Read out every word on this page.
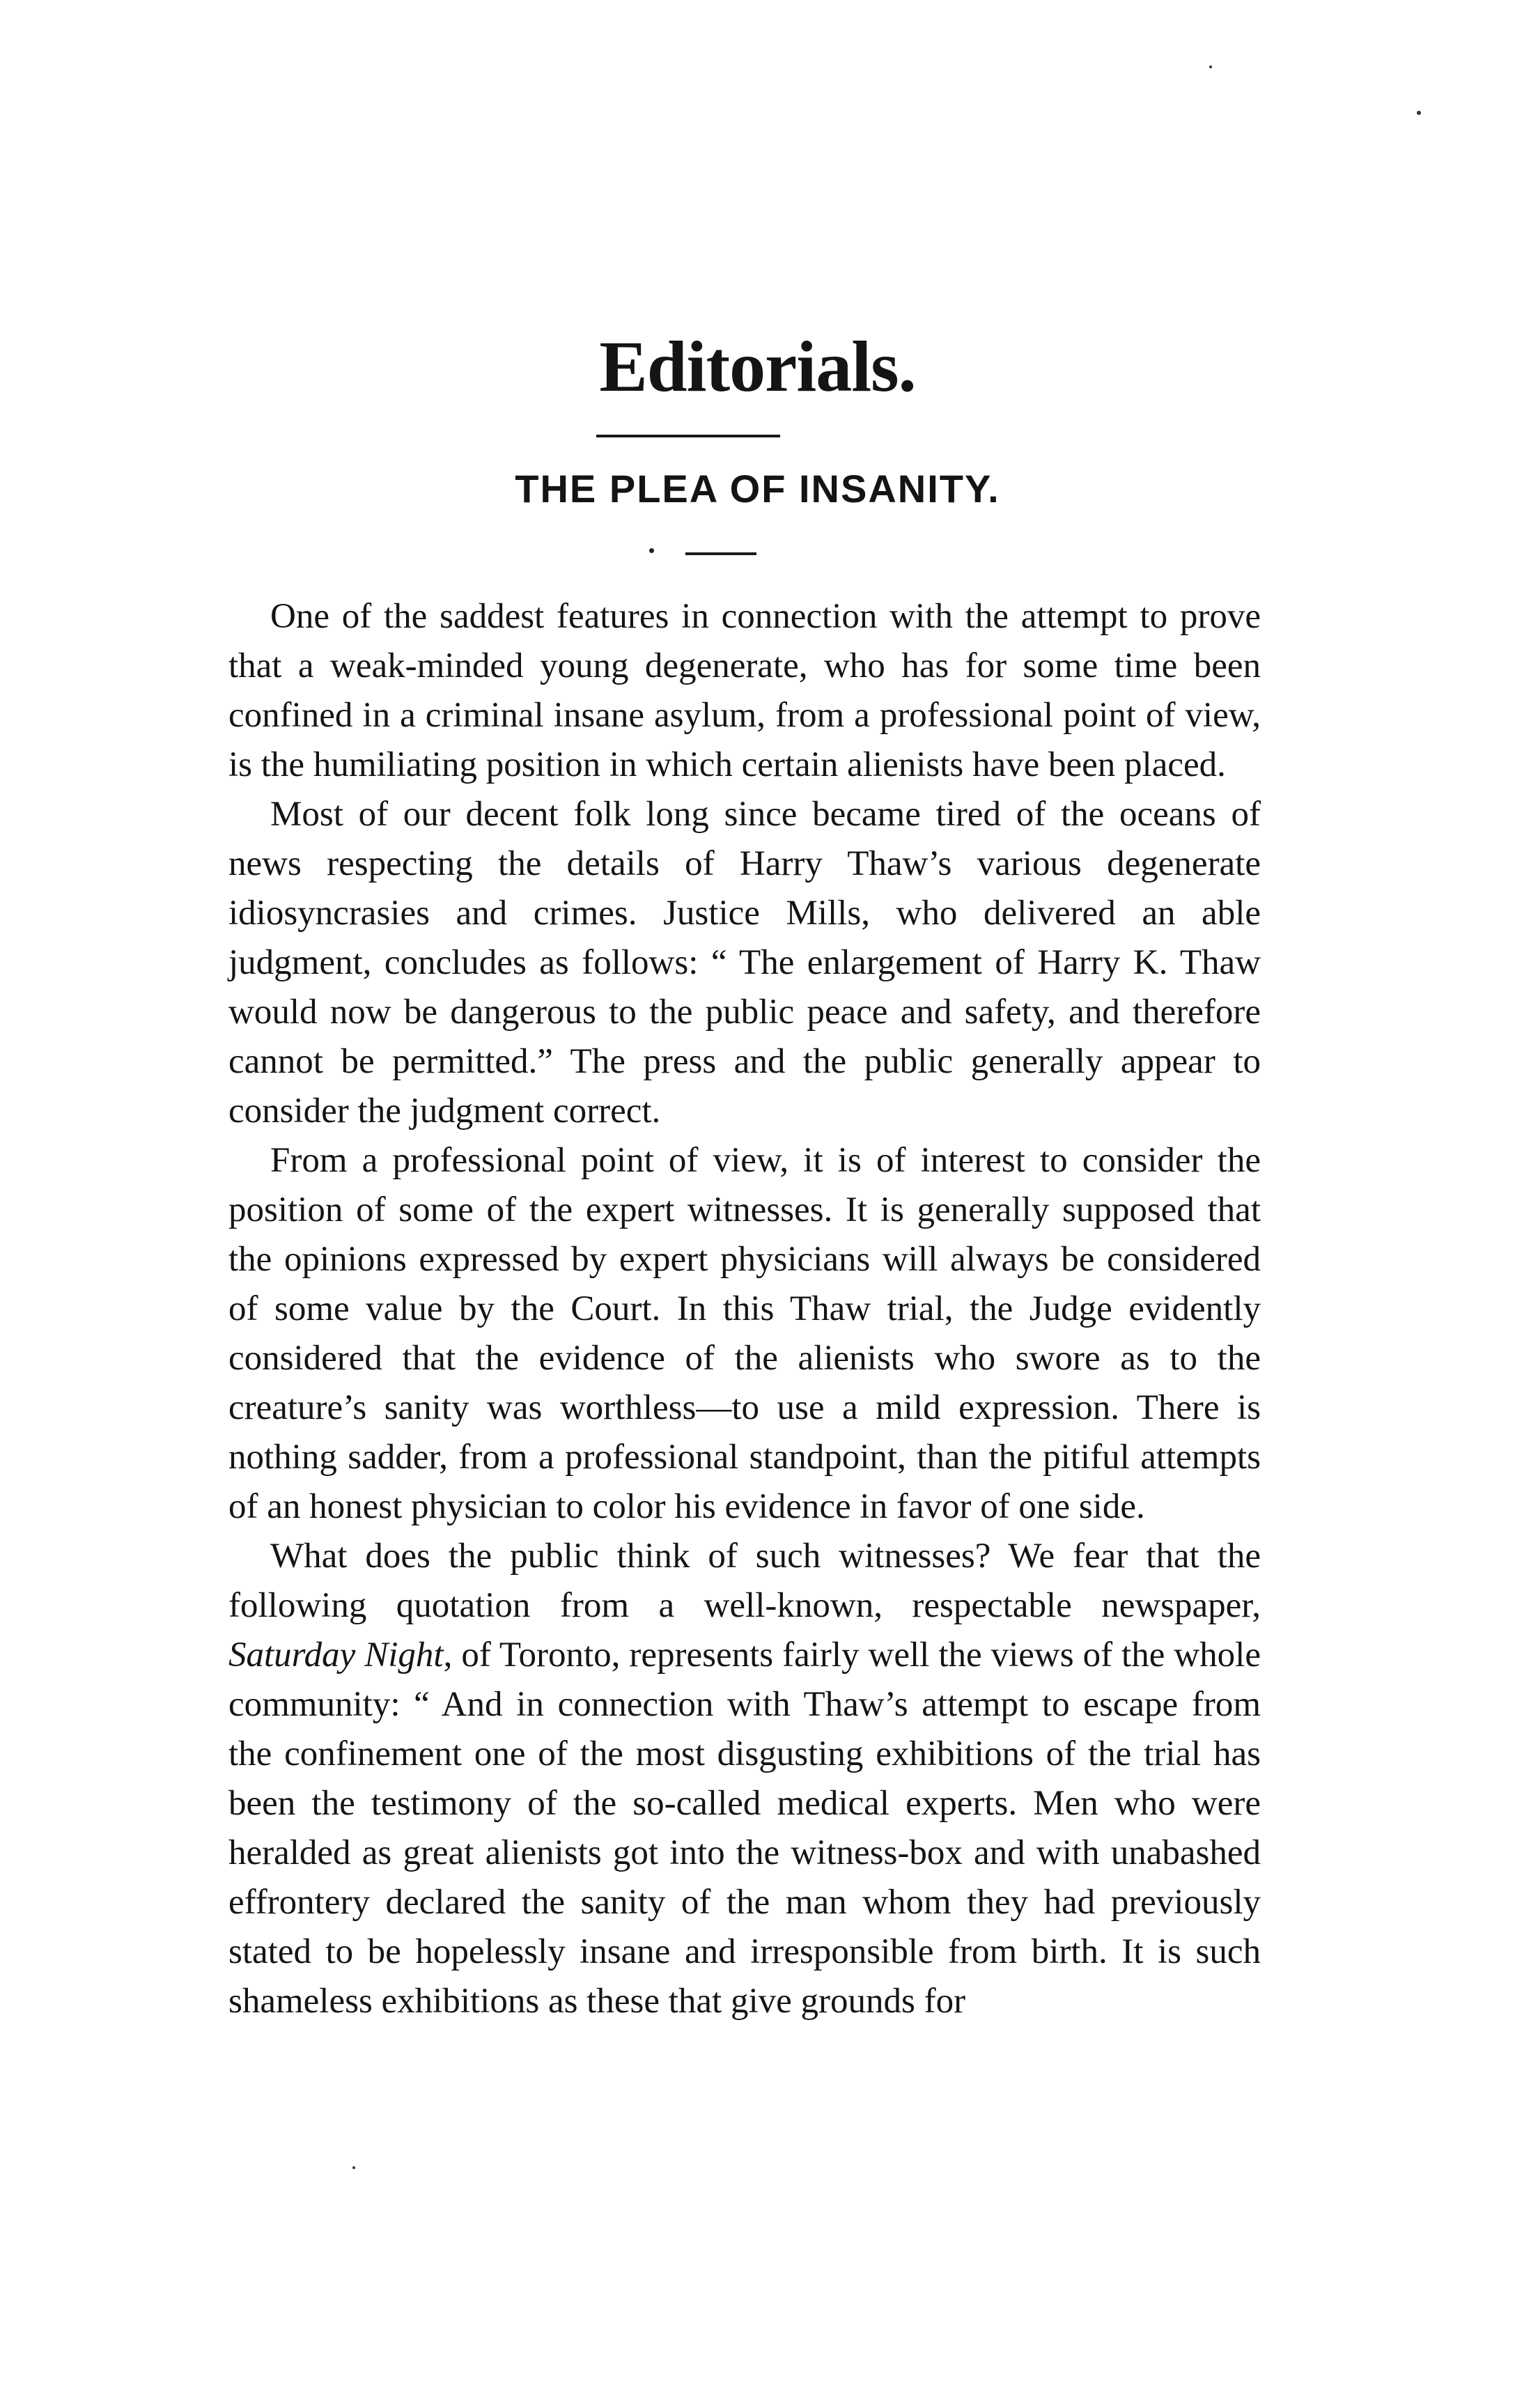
Editorials.
THE PLEA OF INSANITY.

One of the saddest features in connection with the attempt to prove that a weak-minded young degenerate, who has for some time been confined in a criminal insane asylum, from a professional point of view, is the humiliating position in which certain alienists have been placed.

Most of our decent folk long since became tired of the oceans of news respecting the details of Harry Thaw’s various degenerate idiosyncrasies and crimes. Justice Mills, who delivered an able judgment, concludes as follows: “ The enlargement of Harry K. Thaw would now be dangerous to the public peace and safety, and therefore cannot be permitted.” The press and the public generally appear to consider the judgment correct.

From a professional point of view, it is of interest to consider the position of some of the expert witnesses. It is generally supposed that the opinions expressed by expert physicians will always be considered of some value by the Court. In this Thaw trial, the Judge evidently considered that the evidence of the alienists who swore as to the creature’s sanity was worthless—to use a mild expression. There is nothing sadder, from a professional standpoint, than the pitiful attempts of an honest physician to color his evidence in favor of one side.

What does the public think of such witnesses? We fear that the following quotation from a well-known, respectable newspaper, Saturday Night, of Toronto, represents fairly well the views of the whole community: “ And in connection with Thaw’s attempt to escape from the confinement one of the most disgusting exhibitions of the trial has been the testimony of the so-called medical experts. Men who were heralded as great alienists got into the witness-box and with unabashed effrontery declared the sanity of the man whom they had previously stated to be hopelessly insane and irresponsible from birth. It is such shameless exhibitions as these that give grounds for
